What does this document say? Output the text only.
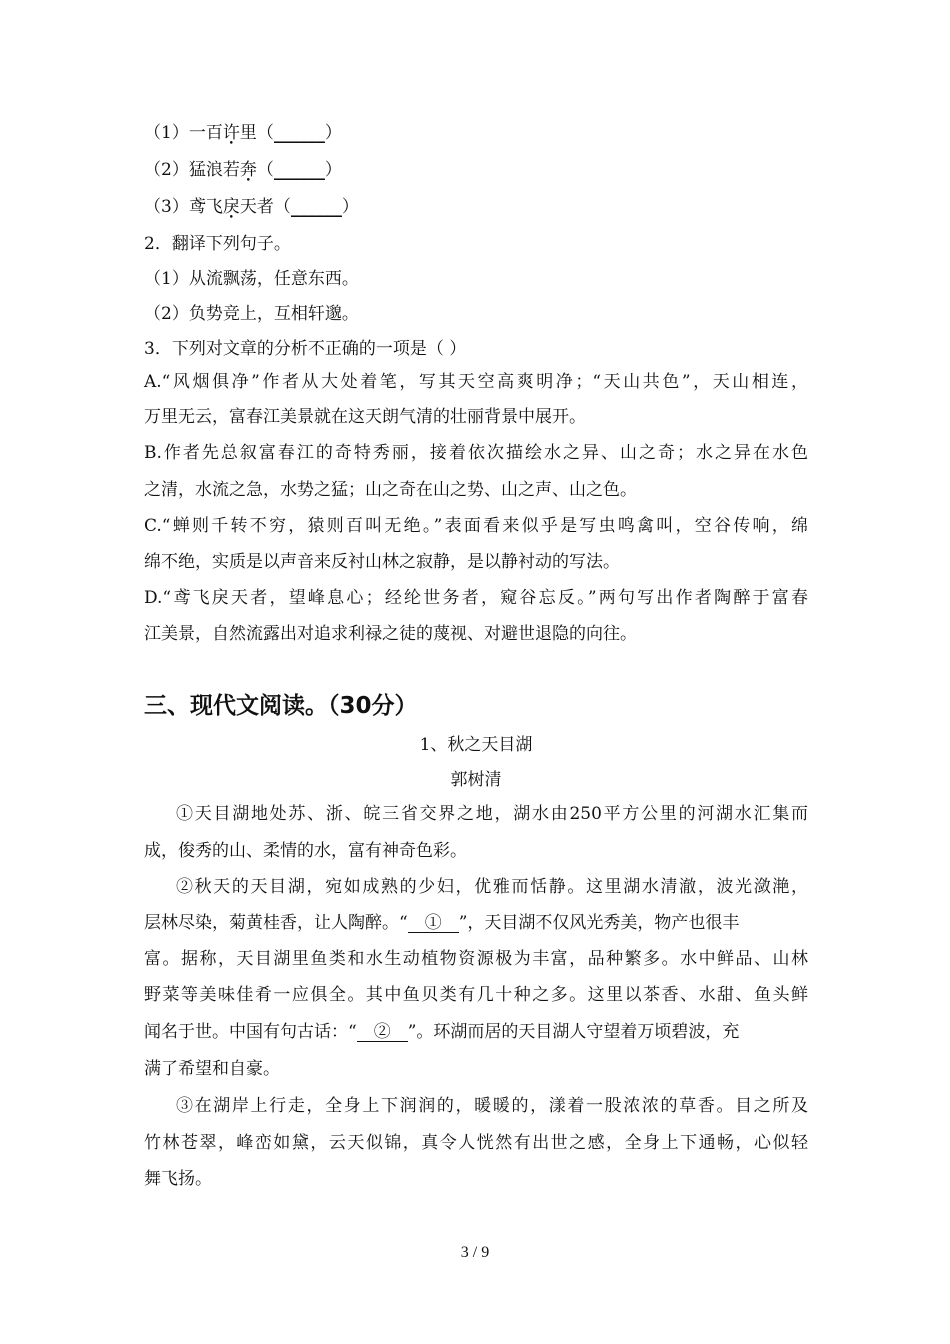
（1）一百许里（______）
（2）猛浪若奔（______）
（3）鸢飞戾天者（______）
2．翻译下列句子。
（1）从流飘荡，任意东西。
（2）负势竞上，互相轩邈。
3．下列对文章的分析不正确的一项是（ ）
A.“风烟俱净”作者从大处着笔，写其天空高爽明净；“天山共色”，天山相连，
万里无云，富春江美景就在这天朗气清的壮丽背景中展开。
B.作者先总叙富春江的奇特秀丽，接着依次描绘水之异、山之奇；水之异在水色
之清，水流之急，水势之猛；山之奇在山之势、山之声、山之色。
C.“蝉则千转不穷，猿则百叫无绝。”表面看来似乎是写虫鸣禽叫，空谷传响，绵
绵不绝，实质是以声音来反衬山林之寂静，是以静衬动的写法。
D.“鸢飞戾天者，望峰息心；经纶世务者，窥谷忘反。”两句写出作者陶醉于富春
江美景，自然流露出对追求利禄之徒的蔑视、对避世退隐的向往。
三、现代文阅读。（30分）
1、秋之天目湖
郭树清
①天目湖地处苏、浙、皖三省交界之地，湖水由250平方公里的河湖水汇集而
成，俊秀的山、柔情的水，富有神奇色彩。
②秋天的天目湖，宛如成熟的少妇，优雅而恬静。这里湖水清澈，波光潋滟，
层林尽染，菊黄桂香，让人陶醉。“　①　”，天目湖不仅风光秀美，物产也很丰
富。据称，天目湖里鱼类和水生动植物资源极为丰富，品种繁多。水中鲜品、山林
野菜等美味佳肴一应俱全。其中鱼贝类有几十种之多。这里以茶香、水甜、鱼头鲜
闻名于世。中国有句古话：“　②　”。环湖而居的天目湖人守望着万顷碧波，充
满了希望和自豪。
③在湖岸上行走，全身上下润润的，暖暖的，漾着一股浓浓的草香。目之所及
竹林苍翠，峰峦如黛，云天似锦，真令人恍然有出世之感，全身上下通畅，心似轻
舞飞扬。
3 / 9
